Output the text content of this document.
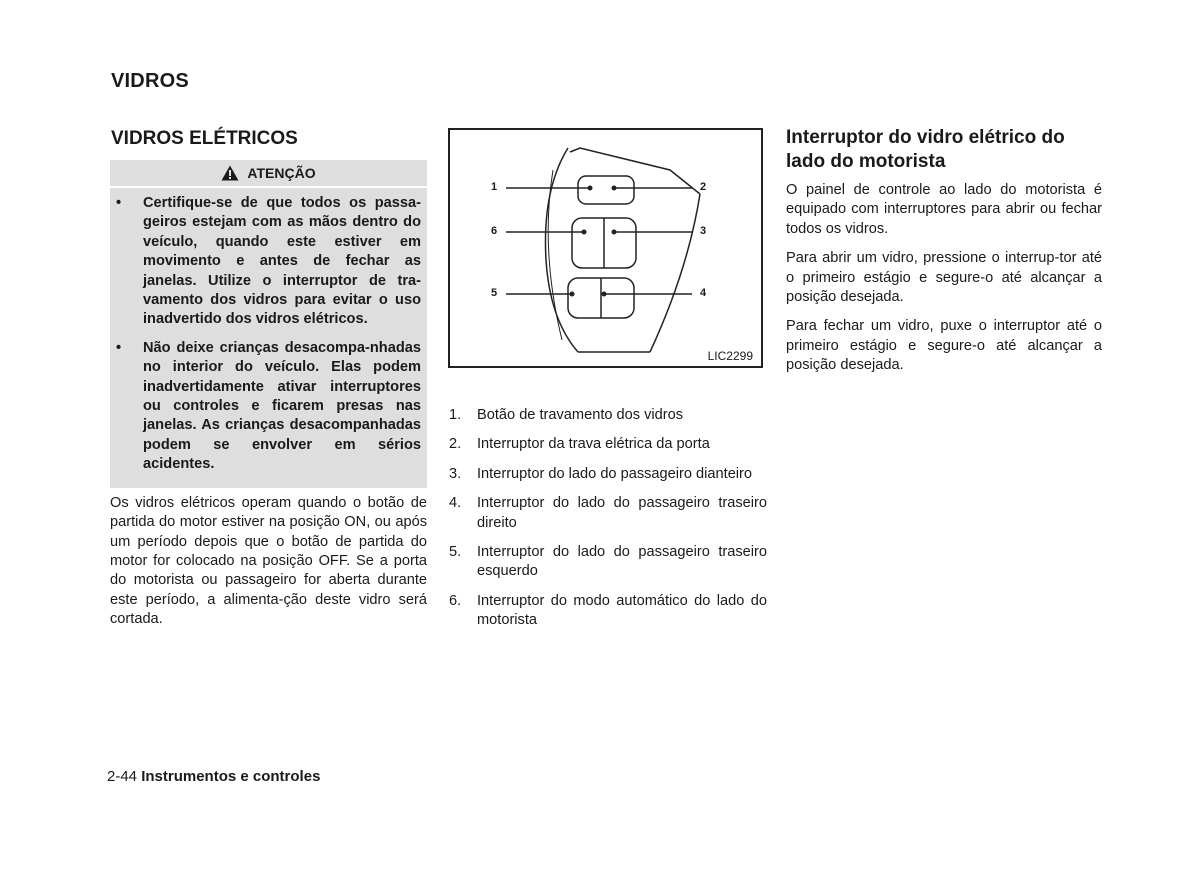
VIDROS
VIDROS ELÉTRICOS
ATENÇÃO
• Certifique-se de que todos os passa-geiros estejam com as mãos dentro do veículo, quando este estiver em movimento e antes de fechar as janelas. Utilize o interruptor de tra-vamento dos vidros para evitar o uso inadvertido dos vidros elétricos.
• Não deixe crianças desacompa-nhadas no interior do veículo. Elas podem inadvertidamente ativar interruptores ou controles e ficarem presas nas janelas. As crianças desacompanhadas podem se envolver em sérios acidentes.

Os vidros elétricos operam quando o botão de partida do motor estiver na posição ON, ou após um período depois que o botão de partida do motor for colocado na posição OFF. Se a porta do motorista ou passageiro for aberta durante este período, a alimenta-ção deste vidro será cortada.

1	2
3
4
5
6
LIC2299
1. Botão de travamento dos vidros
2. Interruptor da trava elétrica da porta
3. Interruptor do lado do passageiro dianteiro
4. Interruptor do lado do passageiro traseiro direito
5. Interruptor do lado do passageiro traseiro esquerdo
6. Interruptor do modo automático do lado do motorista
Interruptor do vidro elétrico do lado do motorista

O painel de controle ao lado do motorista é equipado com interruptores para abrir ou fechar todos os vidros.

Para abrir um vidro, pressione o interrup-tor até o primeiro estágio e segure-o até alcançar a posição desejada.

Para fechar um vidro, puxe o interruptor até o primeiro estágio e segure-o até alcançar a posição desejada.

2-44 Instrumentos e controles
